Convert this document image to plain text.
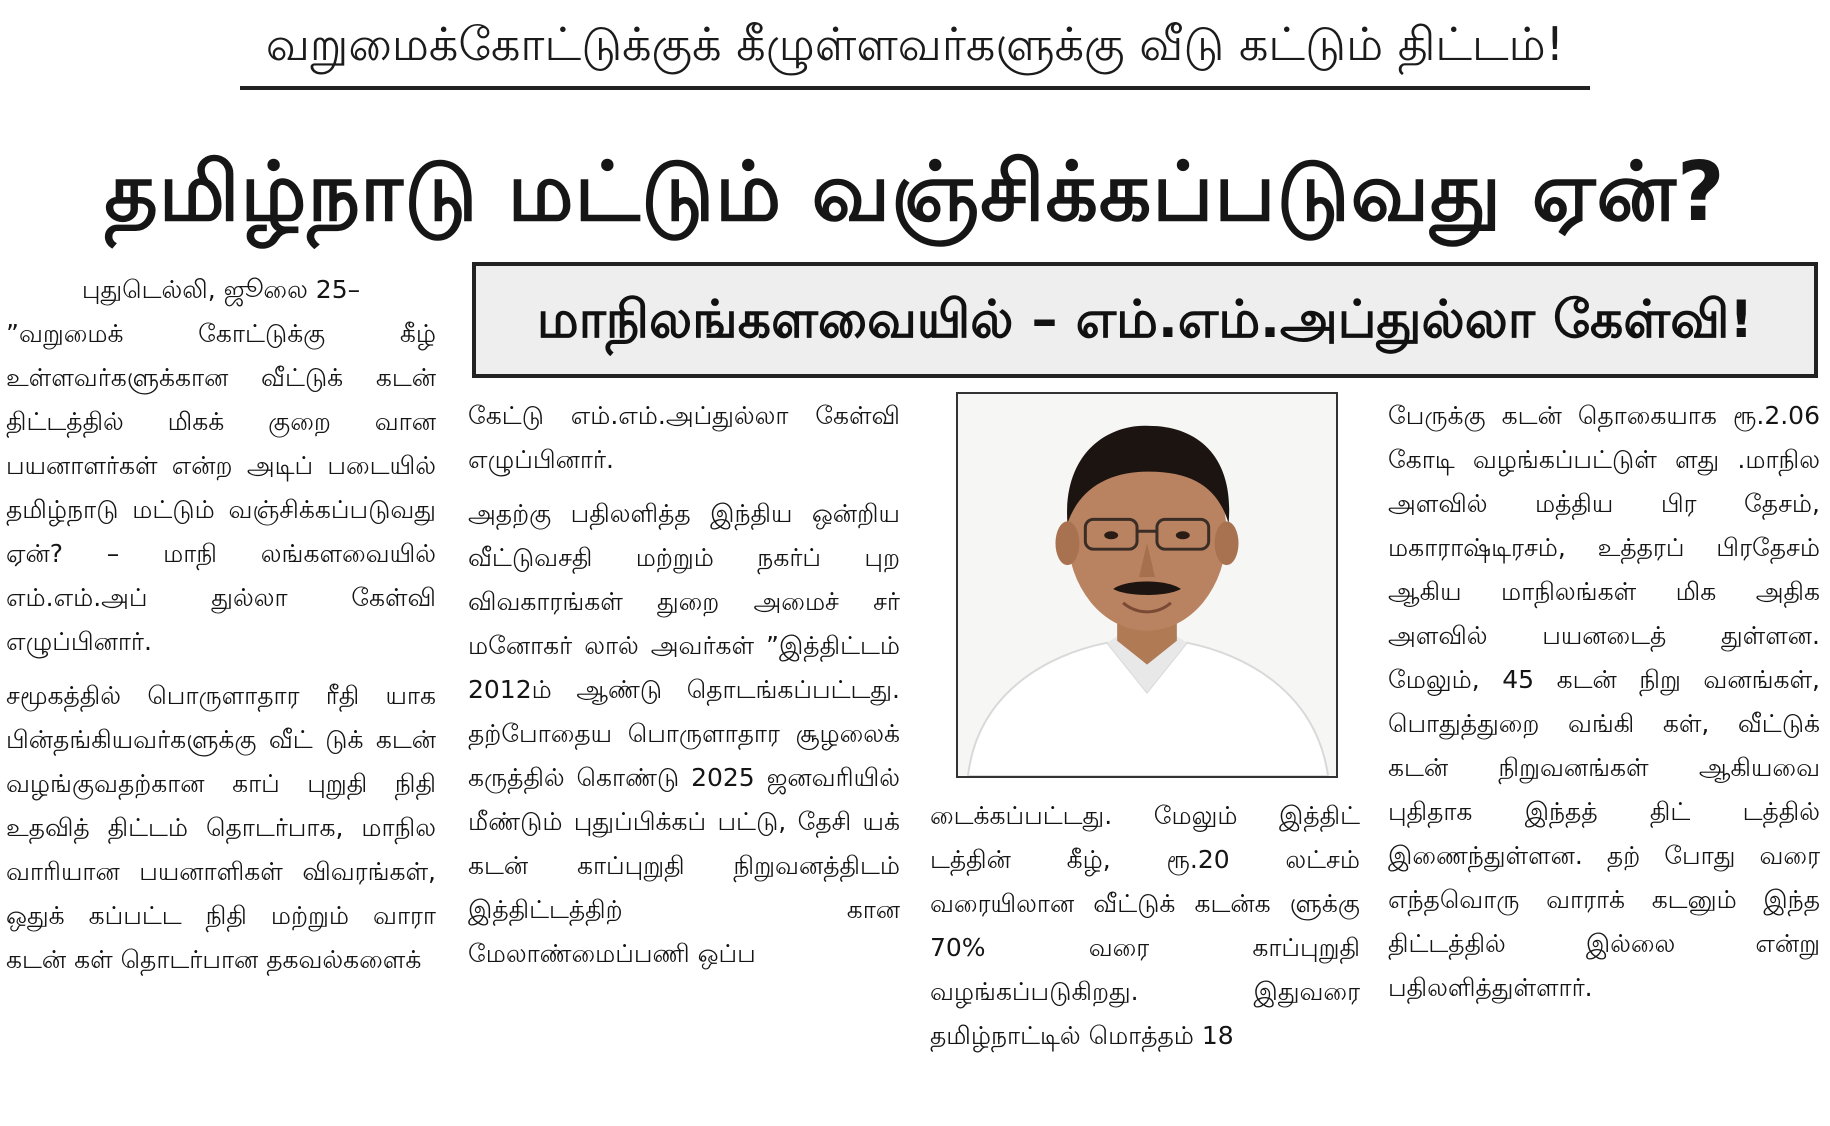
வறுமைக்கோட்டுக்குக் கீழுள்ளவர்களுக்கு வீடு கட்டும் திட்டம்!
தமிழ்நாடு மட்டும் வஞ்சிக்கப்படுவது ஏன்?
மாநிலங்களவையில் – எம்.எம்.அப்துல்லா கேள்வி!
புதுடெல்லி, ஜூலை 25–

”வறுமைக் கோட்டுக்கு கீழ் உள்ளவர்களுக்கான வீட்டுக் கடன் திட்டத்தில் மிகக் குறை வான பயனாளர்கள் என்ற அடிப் படையில் தமிழ்நாடு மட்டும் வஞ்சிக்கப்படுவது ஏன்? – மாநி லங்களவையில் எம்.எம்.அப் துல்லா கேள்வி எழுப்பினார்.

சமூகத்தில் பொருளாதார ரீதி யாக பின்தங்கியவர்களுக்கு வீட் டுக் கடன் வழங்குவதற்கான காப் புறுதி நிதி உதவித் திட்டம் தொடர்பாக, மாநில வாரியான பயனாளிகள் விவரங்கள், ஒதுக் கப்பட்ட நிதி மற்றும் வாரா கடன் கள் தொடர்பான தகவல்களைக்

கேட்டு எம்.எம்.அப்துல்லா கேள்வி எழுப்பினார்.

அதற்கு பதிலளித்த இந்திய ஒன்றிய வீட்டுவசதி மற்றும் நகர்ப் புற விவகாரங்கள் துறை அமைச் சர் மனோகர் லால் அவர்கள் ”இத்திட்டம் 2012ம் ஆண்டு தொடங்கப்பட்டது. தற்போதைய பொருளாதார சூழலைக் கருத்தில் கொண்டு 2025 ஜனவரியில் மீண்டும் புதுப்பிக்கப் பட்டு, தேசி யக் கடன் காப்புறுதி நிறுவனத்திடம் இத்திட்டத்திற் கான மேலாண்மைப்பணி ஒப்ப

டைக்கப்பட்டது. மேலும் இத்திட் டத்தின் கீழ், ரூ.20 லட்சம் வரையிலான வீட்டுக் கடன்க ளுக்கு 70% வரை காப்புறுதி வழங்கப்படுகிறது. இதுவரை தமிழ்நாட்டில் மொத்தம் 18

பேருக்கு கடன் தொகையாக ரூ.2.06 கோடி வழங்கப்பட்டுள் ளது .மாநில அளவில் மத்திய பிர தேசம், மகாராஷ்டிரசம், உத்தரப் பிரதேசம் ஆகிய மாநிலங்கள் மிக அதிக அளவில் பயனடைத் துள்ளன. மேலும், 45 கடன் நிறு வனங்கள், பொதுத்துறை வங்கி கள், வீட்டுக் கடன் நிறுவனங்கள் ஆகியவை புதிதாக இந்தத் திட் டத்தில் இணைந்துள்ளன. தற் போது வரை எந்தவொரு வாராக் கடனும் இந்த திட்டத்தில் இல்லை என்று பதிலளித்துள்ளார்.
